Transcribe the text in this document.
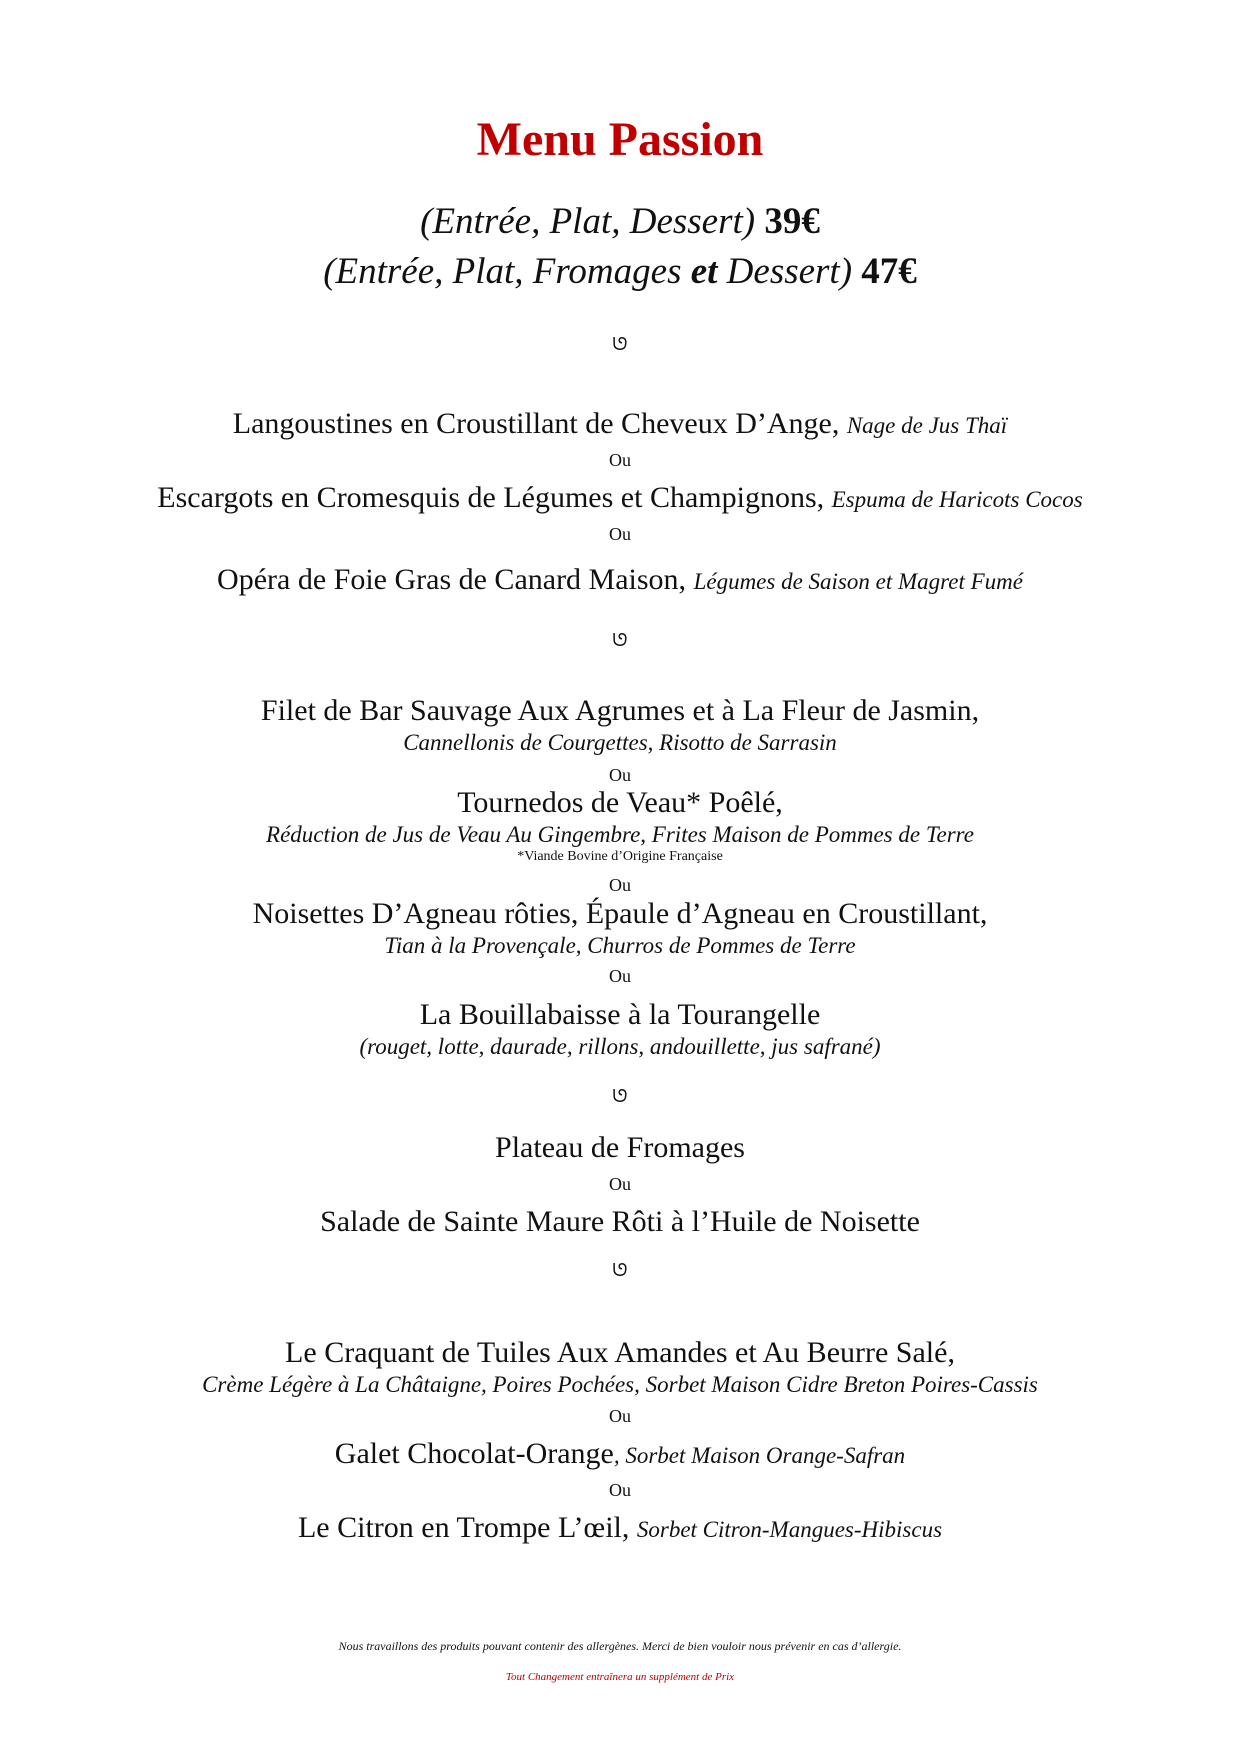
Menu Passion
(Entrée, Plat, Dessert) 39€
(Entrée, Plat, Fromages et Dessert) 47€
ᘎ
Langoustines en Croustillant de Cheveux D’Ange, Nage de Jus Thaï
Ou
Escargots en Cromesquis de Légumes et Champignons, Espuma de Haricots Cocos
Ou
Opéra de Foie Gras de Canard Maison, Légumes de Saison et Magret Fumé
ᘎ
Filet de Bar Sauvage Aux Agrumes et à La Fleur de Jasmin,
Cannellonis de Courgettes, Risotto de Sarrasin
Ou
Tournedos de Veau* Poêlé,
Réduction de Jus de Veau Au Gingembre, Frites Maison de Pommes de Terre
*Viande Bovine d’Origine Française
Ou
Noisettes D’Agneau rôties, Épaule d’Agneau en Croustillant,
Tian à la Provençale, Churros de Pommes de Terre
Ou
La Bouillabaisse à la Tourangelle
(rouget, lotte, daurade, rillons, andouillette, jus safrané)
ᘎ
Plateau de Fromages
Ou
Salade de Sainte Maure Rôti à l’Huile de Noisette
ᘎ
Le Craquant de Tuiles Aux Amandes et Au Beurre Salé,
Crème Légère à La Châtaigne, Poires Pochées, Sorbet Maison Cidre Breton Poires-Cassis
Ou
Galet Chocolat-Orange, Sorbet Maison Orange-Safran
Ou
Le Citron en Trompe L’œil, Sorbet Citron-Mangues-Hibiscus
Nous travaillons des produits pouvant contenir des allergènes. Merci de bien vouloir nous prévenir en cas d’allergie.
Tout Changement entraînera un supplément de Prix
